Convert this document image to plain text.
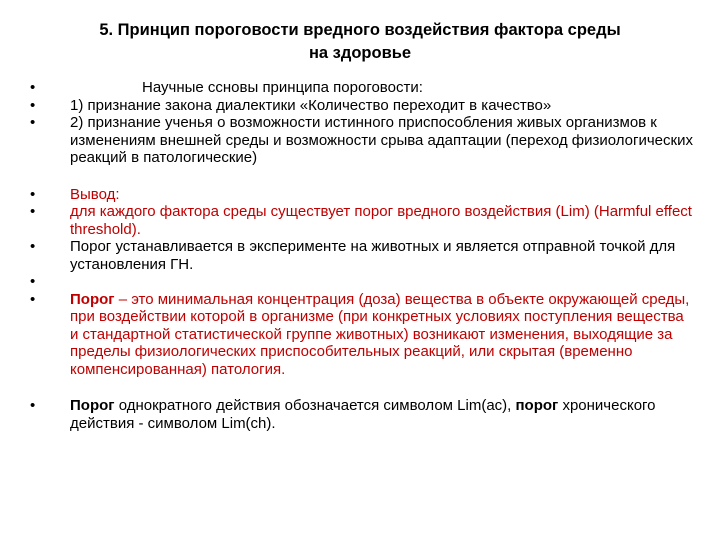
5. Принцип пороговости вредного воздействия фактора среды
на здоровье
•	Научные сснoвы принципа пороговости:
•	1) признание закона диалектики «Количество переходит в качество»
•	2) признание ученья о возможности истинного приспособления живых организмов к изменениям внешней среды и возможности срыва адаптации (переход физиологических реакций в патологические)
•	Вывод:
•	для каждого фактора среды существует порог вредного воздействия (Lim) (Harmful effect threshold).
•	Порог устанавливается в эксперименте на животных и является отправной точкой для установления ГН.
•

•	Порог – это минимальная концентрация (доза) вещества в объекте окружающей среды, при воздействии которой в организме (при конкретных условиях поступления вещества и стандартной статистической группе животных) возникают изменения, выходящие за пределы физиологических приспособительных реакций, или скрытая (временно компенсированная) патология.
•	Порог однократного действия обозначается символом Lim(ac), порог хронического действия - символом Lim(ch).
